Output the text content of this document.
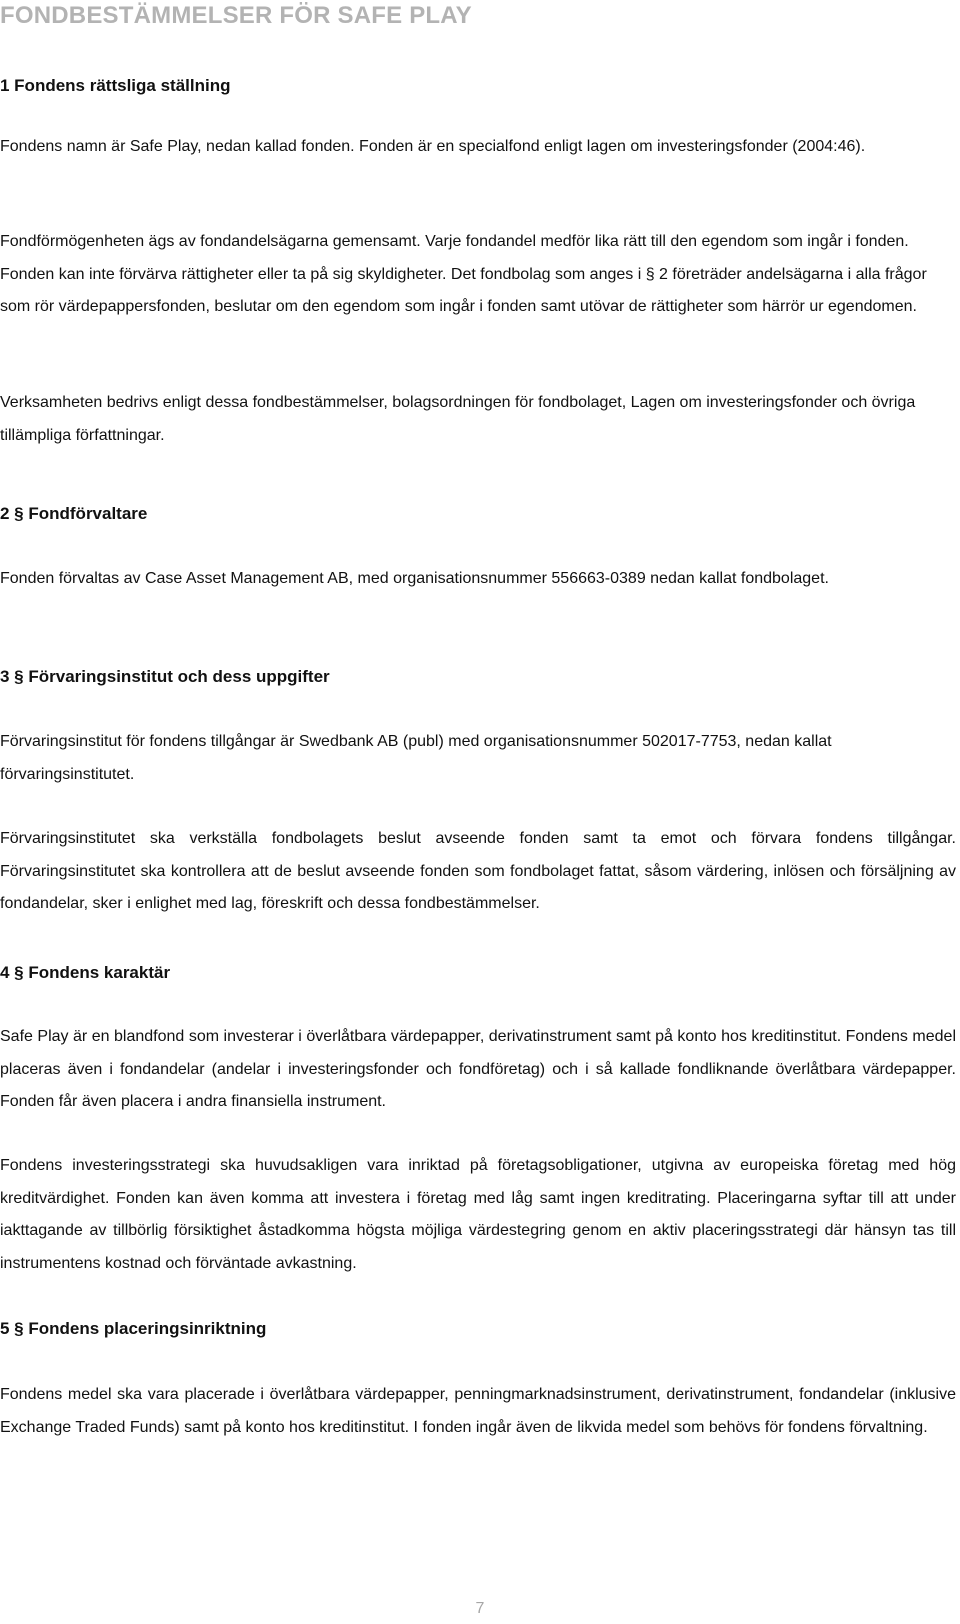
FONDBESTÄMMELSER FÖR SAFE PLAY
1 Fondens rättsliga ställning

Fondens namn är Safe Play, nedan kallad fonden. Fonden är en specialfond enligt lagen om investeringsfonder (2004:46).

Fondförmögenheten ägs av fondandelsägarna gemensamt. Varje fondandel medför lika rätt till den egendom som ingår i fonden. Fonden kan inte förvärva rättigheter eller ta på sig skyldigheter. Det fondbolag som anges i § 2 företräder andelsägarna i alla frågor som rör värdepappersfonden, beslutar om den egendom som ingår i fonden samt utövar de rättigheter som härrör ur egendomen.

Verksamheten bedrivs enligt dessa fondbestämmelser, bolagsordningen för fondbolaget, Lagen om investeringsfonder och övriga tillämpliga författningar.

2 § Fondförvaltare

Fonden förvaltas av Case Asset Management AB, med organisationsnummer 556663-0389 nedan kallat fondbolaget.

3 § Förvaringsinstitut och dess uppgifter

Förvaringsinstitut för fondens tillgångar är Swedbank AB (publ) med organisationsnummer 502017-7753, nedan kallat förvaringsinstitutet.

Förvaringsinstitutet ska verkställa fondbolagets beslut avseende fonden samt ta emot och förvara fondens tillgångar. Förvaringsinstitutet ska kontrollera att de beslut avseende fonden som fondbolaget fattat, såsom värdering, inlösen och försäljning av fondandelar, sker i enlighet med lag, föreskrift och dessa fondbestämmelser.

4 § Fondens karaktär

Safe Play är en blandfond som investerar i överlåtbara värdepapper, derivatinstrument samt på konto hos kreditinstitut. Fondens medel placeras även i fondandelar (andelar i investeringsfonder och fondföretag) och i så kallade fondliknande överlåtbara värdepapper. Fonden får även placera i andra finansiella instrument.

Fondens investeringsstrategi ska huvudsakligen vara inriktad på företagsobligationer, utgivna av europeiska företag med hög kreditvärdighet. Fonden kan även komma att investera i företag med låg samt ingen kreditrating. Placeringarna syftar till att under iakttagande av tillbörlig försiktighet åstadkomma högsta möjliga värdestegring genom en aktiv placeringsstrategi där hänsyn tas till instrumentens kostnad och förväntade avkastning.

5 § Fondens placeringsinriktning

Fondens medel ska vara placerade i överlåtbara värdepapper, penningmarknadsinstrument, derivatinstrument, fondandelar (inklusive Exchange Traded Funds) samt på konto hos kreditinstitut. I fonden ingår även de likvida medel som behövs för fondens förvaltning.

7
